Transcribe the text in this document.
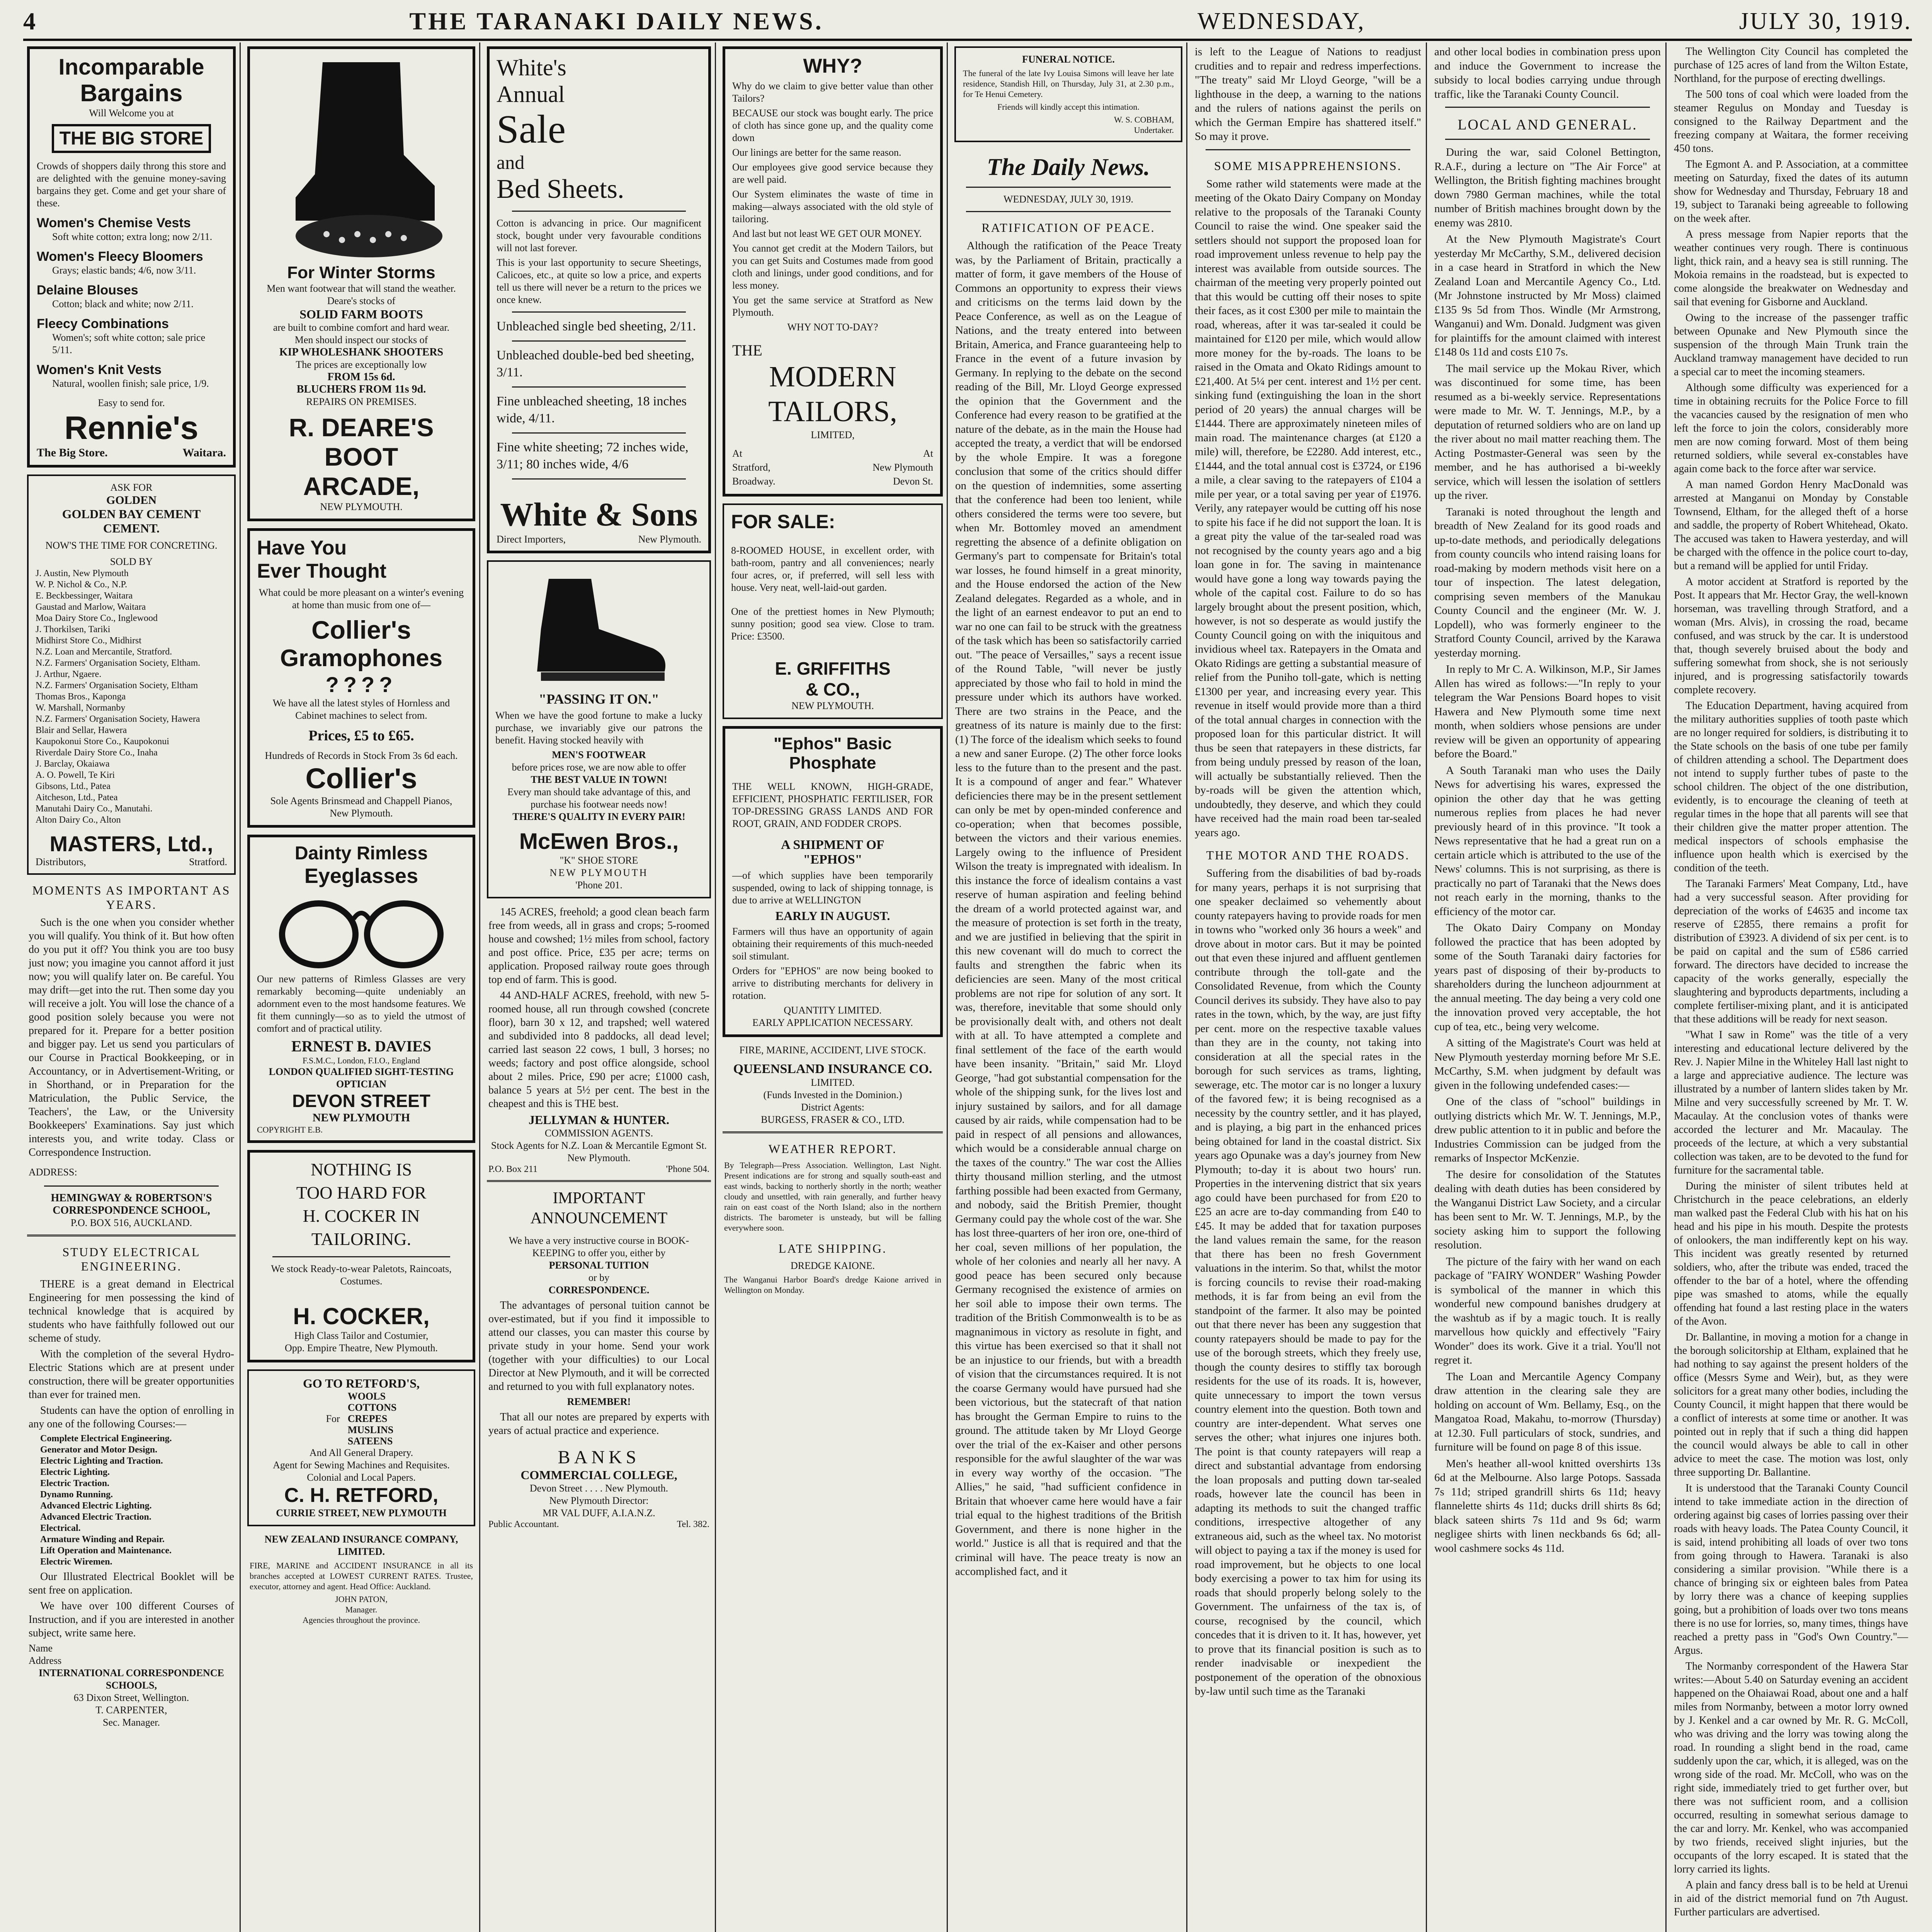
4	THE TARANAKI DAILY NEWS.	WEDNESDAY,	JULY 30, 1919.
Incomparable
Bargains
Will Welcome you at
THE BIG STORE

Crowds of shoppers daily throng this store and are delighted with the genuine money-saving bargains they get. Come and get your share of these.

Women's Chemise Vests
Soft white cotton; extra long; now 2/11.
Women's Fleecy Bloomers
Grays; elastic bands; 4/6, now 3/11.
Delaine Blouses
Cotton; black and white; now 2/11.
Fleecy Combinations
Women's; soft white cotton; sale price 5/11.
Women's Knit Vests
Natural, woollen finish; sale price, 1/9.
Easy to send for.
Rennie's
The Big Store.	Waitara.
ASK FOR
GOLDEN
GOLDEN BAY CEMENT
CEMENT.
NOW'S THE TIME FOR CONCRETING.
SOLD BY
J. Austin, New Plymouth
W. P. Nichol & Co., N.P.
E. Beckbessinger, Waitara
Gaustad and Marlow, Waitara
Moa Dairy Store Co., Inglewood
J. Thorkilsen, Tariki
Midhirst Store Co., Midhirst
N.Z. Loan and Mercantile, Stratford.
N.Z. Farmers' Organisation Society, Eltham.
J. Arthur, Ngaere.
N.Z. Farmers' Organisation Society, Eltham
Thomas Bros., Kaponga
W. Marshall, Normanby
N.Z. Farmers' Organisation Society, Hawera
Blair and Sellar, Hawera
Kaupokonui Store Co., Kaupokonui
Riverdale Dairy Store Co., Inaha
J. Barclay, Okaiawa
A. O. Powell, Te Kiri
Gibsons, Ltd., Patea
Aitcheson, Ltd., Patea
Manutahi Dairy Co., Manutahi.
Alton Dairy Co., Alton
MASTERS, Ltd.,
Distributors,	Stratford.
MOMENTS AS IMPORTANT AS YEARS.

Such is the one when you consider whether you will qualify. You think of it. But how often do you put it off? You think you are too busy just now; you imagine you cannot afford it just now; you will qualify later on. Be careful. You may drift—get into the rut. Then some day you will receive a jolt. You will lose the chance of a good position solely because you were not prepared for it. Prepare for a better position and bigger pay. Let us send you particulars of our Course in Practical Bookkeeping, or in Accountancy, or in Advertisement-Writing, or in Shorthand, or in Preparation for the Matriculation, the Public Service, the Teachers', the Law, or the University Bookkeepers' Examinations. Say just which interests you, and write today. Class or Correspondence Instruction.

ADDRESS:
HEMINGWAY & ROBERTSON'S
CORRESPONDENCE SCHOOL,
P.O. BOX 516, AUCKLAND.
STUDY ELECTRICAL ENGINEERING.

THERE is a great demand in Electrical Engineering for men possessing the kind of technical knowledge that is acquired by students who have faithfully followed out our scheme of study.

With the completion of the several Hydro-Electric Stations which are at present under construction, there will be greater opportunities than ever for trained men.

Students can have the option of enrolling in any one of the following Courses:—

Complete Electrical Engineering.
Generator and Motor Design.
Electric Lighting and Traction.
Electric Lighting.
Electric Traction.
Dynamo Running.
Advanced Electric Lighting.
Advanced Electric Traction.
Electrical.
Armature Winding and Repair.
Lift Operation and Maintenance.
Electric Wiremen.

Our Illustrated Electrical Booklet will be sent free on application.

We have over 100 different Courses of Instruction, and if you are interested in another subject, write same here.

Name
Address
INTERNATIONAL CORRESPONDENCE SCHOOLS,
63 Dixon Street, Wellington.
T. CARPENTER,
Sec. Manager.
For Winter Storms
Men want footwear that will stand the weather.
Deare's stocks of
SOLID FARM BOOTS
are built to combine comfort and hard wear.
Men should inspect our stocks of
KIP WHOLESHANK SHOOTERS
The prices are exceptionally low
FROM 15s 6d.
BLUCHERS FROM 11s 9d.
REPAIRS ON PREMISES.
R. DEARE'S
BOOT
ARCADE,
NEW PLYMOUTH.
Have You
Ever Thought
What could be more pleasant on a winter's evening at home than music from one of—
Collier's
Gramophones
????
We have all the latest styles of Hornless and Cabinet machines to select from.
Prices, £5 to £65.
Hundreds of Records in Stock From 3s 6d each.
Collier's
Sole Agents Brinsmead and Chappell Pianos,
New Plymouth.
Dainty Rimless
Eyeglasses

Our new patterns of Rimless Glasses are very remarkably becoming—quite undeniably an adornment even to the most handsome features. We fit them cunningly—so as to yield the utmost of comfort and of practical utility.

ERNEST B. DAVIES
F.S.M.C., London, F.I.O., England
LONDON QUALIFIED SIGHT-TESTING OPTICIAN
DEVON STREET
NEW PLYMOUTH
COPYRIGHT E.B.
NOTHING IS
TOO HARD FOR
H. COCKER IN
TAILORING.
We stock Ready-to-wear Paletots, Raincoats, Costumes.
H. COCKER,
High Class Tailor and Costumier,
Opp. Empire Theatre, New Plymouth.
GO TO RETFORD'S,
For
WOOLS
COTTONS
CREPES
MUSLINS
SATEENS
And All General Drapery.
Agent for Sewing Machines and Requisites.
Colonial and Local Papers.
C. H. RETFORD,
CURRIE STREET, NEW PLYMOUTH
NEW ZEALAND INSURANCE COMPANY, LIMITED.

FIRE, MARINE and ACCIDENT INSURANCE in all its branches accepted at LOWEST CURRENT RATES. Trustee, executor, attorney and agent. Head Office: Auckland.

JOHN PATON,
Manager.
Agencies throughout the province.
White's
Annual
Sale
and
Bed Sheets.

Cotton is advancing in price. Our magnificent stock, bought under very favourable conditions will not last forever.

This is your last opportunity to secure Sheetings, Calicoes, etc., at quite so low a price, and experts tell us there will never be a return to the prices we once knew.

Unbleached single bed sheeting, 2/11.

Unbleached double-bed bed sheeting, 3/11.

Fine unbleached sheeting, 18 inches wide, 4/11.

Fine white sheeting; 72 inches wide, 3/11; 80 inches wide, 4/6

White & Sons
Direct Importers,	New Plymouth.
"PASSING IT ON."

When we have the good fortune to make a lucky purchase, we invariably give our patrons the benefit. Having stocked heavily with

MEN'S FOOTWEAR
before prices rose, we are now able to offer
THE BEST VALUE IN TOWN!
Every man should take advantage of this, and purchase his footwear needs now!
THERE'S QUALITY IN EVERY PAIR!
McEwen Bros.,
"K" SHOE STORE
NEW PLYMOUTH
'Phone 201.

145 ACRES, freehold; a good clean beach farm free from weeds, all in grass and crops; 5-roomed house and cowshed; 1½ miles from school, factory and post office. Price, £35 per acre; terms on application. Proposed railway route goes through top end of farm. This is good.

44 AND-HALF ACRES, freehold, with new 5-roomed house, all run through cowshed (concrete floor), barn 30 x 12, and trapshed; well watered and subdivided into 8 paddocks, all dead level; carried last season 22 cows, 1 bull, 3 horses; no weeds; factory and post office alongside, school about 2 miles. Price, £90 per acre; £1000 cash, balance 5 years at 5½ per cent. The best in the cheapest and this is THE best.

JELLYMAN & HUNTER.
COMMISSION AGENTS.
Stock Agents for N.Z. Loan & Mercantile Egmont St. New Plymouth.
P.O. Box 211	'Phone 504.
IMPORTANT ANNOUNCEMENT
We have a very instructive course in BOOK-KEEPING to offer you, either by
PERSONAL TUITION
or by
CORRESPONDENCE.

The advantages of personal tuition cannot be over-estimated, but if you find it impossible to attend our classes, you can master this course by private study in your home. Send your work (together with your difficulties) to our Local Director at New Plymouth, and it will be corrected and returned to you with full explanatory notes.

REMEMBER!

That all our notes are prepared by experts with years of actual practice and experience.

BANKS
COMMERCIAL COLLEGE,
Devon Street . . . . New Plymouth.
New Plymouth Director:
MR VAL DUFF, A.I.A.N.Z.
Public Accountant.	Tel. 382.
WHY?

Why do we claim to give better value than other Tailors?

BECAUSE our stock was bought early. The price of cloth has since gone up, and the quality come down

Our linings are better for the same reason.

Our employees give good service because they are well paid.

Our System eliminates the waste of time in making—always associated with the old style of tailoring.

And last but not least WE GET OUR MONEY.

You cannot get credit at the Modern Tailors, but you can get Suits and Costumes made from good cloth and linings, under good conditions, and for less money.

You get the same service at Stratford as New Plymouth.

WHY NOT TO-DAY?
THE
MODERN
TAILORS,
LIMITED,
At
Stratford,
Broadway.
At
New Plymouth
Devon St.
FOR SALE:

8-ROOMED HOUSE, in excellent order, with bath-room, pantry and all conveniences; nearly four acres, or, if preferred, will sell less with house. Very neat, well-laid-out garden.

One of the prettiest homes in New Plymouth; sunny position; good sea view. Close to tram. Price: £3500.

E. GRIFFITHS
& CO.,
NEW PLYMOUTH.
"Ephos" Basic Phosphate

THE WELL KNOWN, HIGH-GRADE, EFFICIENT, PHOSPHATIC FERTILISER, FOR TOP-DRESSING GRASS LANDS AND FOR ROOT, GRAIN, AND FODDER CROPS.

A SHIPMENT OF
"EPHOS"

—of which supplies have been temporarily suspended, owing to lack of shipping tonnage, is due to arrive at WELLINGTON

EARLY IN AUGUST.

Farmers will thus have an opportunity of again obtaining their requirements of this much-needed soil stimulant.

Orders for "EPHOS" are now being booked to arrive to distributing merchants for delivery in rotation.

QUANTITY LIMITED.
EARLY APPLICATION NECESSARY.
FIRE, MARINE, ACCIDENT, LIVE STOCK.
QUEENSLAND INSURANCE CO.
LIMITED.
(Funds Invested in the Dominion.)
District Agents:
BURGESS, FRASER & CO., LTD.
WEATHER REPORT.

By Telegraph—Press Association. Wellington, Last Night. Present indications are for strong and squally south-east and east winds, backing to northerly shortly in the north; weather cloudy and unsettled, with rain generally, and further heavy rain on east coast of the North Island; also in the northern districts. The barometer is unsteady, but will be falling everywhere soon.

LATE SHIPPING.
DREDGE KAIONE.

The Wanganui Harbor Board's dredge Kaione arrived in Wellington on Monday.

FUNERAL NOTICE.

The funeral of the late Ivy Louisa Simons will leave her late residence, Standish Hill, on Thursday, July 31, at 2.30 p.m., for Te Henui Cemetery.

Friends will kindly accept this intimation.

W. S. COBHAM,
Undertaker.
The Daily News.
WEDNESDAY, JULY 30, 1919.
RATIFICATION OF PEACE.

Although the ratification of the Peace Treaty was, by the Parliament of Britain, practically a matter of form, it gave members of the House of Commons an opportunity to express their views and criticisms on the terms laid down by the Peace Conference, as well as on the League of Nations, and the treaty entered into between Britain, America, and France guaranteeing help to France in the event of a future invasion by Germany. In replying to the debate on the second reading of the Bill, Mr. Lloyd George expressed the opinion that the Government and the Conference had every reason to be gratified at the nature of the debate, as in the main the House had accepted the treaty, a verdict that will be endorsed by the whole Empire. It was a foregone conclusion that some of the critics should differ on the question of indemnities, some asserting that the conference had been too lenient, while others considered the terms were too severe, but when Mr. Bottomley moved an amendment regretting the absence of a definite obligation on Germany's part to compensate for Britain's total war losses, he found himself in a great minority, and the House endorsed the action of the New Zealand delegates. Regarded as a whole, and in the light of an earnest endeavor to put an end to war no one can fail to be struck with the greatness of the task which has been so satisfactorily carried out. "The peace of Versailles," says a recent issue of the Round Table, "will never be justly appreciated by those who fail to hold in mind the pressure under which its authors have worked. There are two strains in the Peace, and the greatness of its nature is mainly due to the first: (1) The force of the idealism which seeks to found a new and saner Europe. (2) The other force looks less to the future than to the present and the past. It is a compound of anger and fear." Whatever deficiencies there may be in the present settlement can only be met by open-minded conference and co-operation; when that becomes possible, between the victors and their various enemies. Largely owing to the influence of President Wilson the treaty is impregnated with idealism. In this instance the force of idealism contains a vast reserve of human aspiration and feeling behind the dream of a world protected against war, and the measure of protection is set forth in the treaty, and we are justified in believing that the spirit in this new covenant will do much to correct the faults and strengthen the fabric when its deficiencies are seen. Many of the most critical problems are not ripe for solution of any sort. It was, therefore, inevitable that some should only be provisionally dealt with, and others not dealt with at all. To have attempted a complete and final settlement of the face of the earth would have been insanity. "Britain," said Mr. Lloyd George, "had got substantial compensation for the whole of the shipping sunk, for the lives lost and injury sustained by sailors, and for all damage caused by air raids, while compensation had to be paid in respect of all pensions and allowances, which would be a considerable annual charge on the taxes of the country." The war cost the Allies thirty thousand million sterling, and the utmost farthing possible had been exacted from Germany, and nobody, said the British Premier, thought Germany could pay the whole cost of the war. She has lost three-quarters of her iron ore, one-third of her coal, seven millions of her population, the whole of her colonies and nearly all her navy. A good peace has been secured only because Germany recognised the existence of armies on her soil able to impose their own terms. The tradition of the British Commonwealth is to be as magnanimous in victory as resolute in fight, and this virtue has been exercised so that it shall not be an injustice to our friends, but with a breadth of vision that the circumstances required. It is not the coarse Germany would have pursued had she been victorious, but the statecraft of that nation has brought the German Empire to ruins to the ground. The attitude taken by Mr Lloyd George over the trial of the ex-Kaiser and other persons responsible for the awful slaughter of the war was in every way worthy of the occasion. "The Allies," he said, "had sufficient confidence in Britain that whoever came here would have a fair trial equal to the highest traditions of the British Government, and there is none higher in the world." Justice is all that is required and that the criminal will have. The peace treaty is now an accomplished fact, and it

is left to the League of Nations to readjust crudities and to repair and redress imperfections. "The treaty" said Mr Lloyd George, "will be a lighthouse in the deep, a warning to the nations and the rulers of nations against the perils on which the German Empire has shattered itself." So may it prove.

SOME MISAPPREHENSIONS.

Some rather wild statements were made at the meeting of the Okato Dairy Company on Monday relative to the proposals of the Taranaki County Council to raise the wind. One speaker said the settlers should not support the proposed loan for road improvement unless revenue to help pay the interest was available from outside sources. The chairman of the meeting very properly pointed out that this would be cutting off their noses to spite their faces, as it cost £300 per mile to maintain the road, whereas, after it was tar-sealed it could be maintained for £120 per mile, which would allow more money for the by-roads. The loans to be raised in the Omata and Okato Ridings amount to £21,400. At 5¼ per cent. interest and 1½ per cent. sinking fund (extinguishing the loan in the short period of 20 years) the annual charges will be £1444. There are approximately nineteen miles of main road. The maintenance charges (at £120 a mile) will, therefore, be £2280. Add interest, etc., £1444, and the total annual cost is £3724, or £196 a mile, a clear saving to the ratepayers of £104 a mile per year, or a total saving per year of £1976. Verily, any ratepayer would be cutting off his nose to spite his face if he did not support the loan. It is a great pity the value of the tar-sealed road was not recognised by the county years ago and a big loan gone in for. The saving in maintenance would have gone a long way towards paying the whole of the capital cost. Failure to do so has largely brought about the present position, which, however, is not so desperate as would justify the County Council going on with the iniquitous and invidious wheel tax. Ratepayers in the Omata and Okato Ridings are getting a substantial measure of relief from the Puniho toll-gate, which is netting £1300 per year, and increasing every year. This revenue in itself would provide more than a third of the total annual charges in connection with the proposed loan for this particular district. It will thus be seen that ratepayers in these districts, far from being unduly pressed by reason of the loan, will actually be substantially relieved. Then the by-roads will be given the attention which, undoubtedly, they deserve, and which they could have received had the main road been tar-sealed years ago.

THE MOTOR AND THE ROADS.

Suffering from the disabilities of bad by-roads for many years, perhaps it is not surprising that one speaker declaimed so vehemently about county ratepayers having to provide roads for men in towns who "worked only 36 hours a week" and drove about in motor cars. But it may be pointed out that even these injured and affluent gentlemen contribute through the toll-gate and the Consolidated Revenue, from which the County Council derives its subsidy. They have also to pay rates in the town, which, by the way, are just fifty per cent. more on the respective taxable values than they are in the county, not taking into consideration at all the special rates in the borough for such services as trams, lighting, sewerage, etc. The motor car is no longer a luxury of the favored few; it is being recognised as a necessity by the country settler, and it has played, and is playing, a big part in the enhanced prices being obtained for land in the coastal district. Six years ago Opunake was a day's journey from New Plymouth; to-day it is about two hours' run. Properties in the intervening district that six years ago could have been purchased for from £20 to £25 an acre are to-day commanding from £40 to £45. It may be added that for taxation purposes the land values remain the same, for the reason that there has been no fresh Government valuations in the interim. So that, whilst the motor is forcing councils to revise their road-making methods, it is far from being an evil from the standpoint of the farmer. It also may be pointed out that there never has been any suggestion that county ratepayers should be made to pay for the use of the borough streets, which they freely use, though the county desires to stiffly tax borough residents for the use of its roads. It is, however, quite unnecessary to import the town versus country element into the question. Both town and country are inter-dependent. What serves one serves the other; what injures one injures both. The point is that county ratepayers will reap a direct and substantial advantage from endorsing the loan proposals and putting down tar-sealed roads, however late the council has been in adapting its methods to suit the changed traffic conditions, irrespective altogether of any extraneous aid, such as the wheel tax. No motorist will object to paying a tax if the money is used for road improvement, but he objects to one local body exercising a power to tax him for using its roads that should properly belong solely to the Government. The unfairness of the tax is, of course, recognised by the council, which concedes that it is driven to it. It has, however, yet to prove that its financial position is such as to render inadvisable or inexpedient the postponement of the operation of the obnoxious by-law until such time as the Taranaki

and other local bodies in combination press upon and induce the Government to increase the subsidy to local bodies carrying undue through traffic, like the Taranaki County Council.

LOCAL AND GENERAL.

During the war, said Colonel Bettington, R.A.F., during a lecture on "The Air Force" at Wellington, the British fighting machines brought down 7980 German machines, while the total number of British machines brought down by the enemy was 2810.

At the New Plymouth Magistrate's Court yesterday Mr McCarthy, S.M., delivered decision in a case heard in Stratford in which the New Zealand Loan and Mercantile Agency Co., Ltd. (Mr Johnstone instructed by Mr Moss) claimed £135 9s 5d from Thos. Windle (Mr Armstrong, Wanganui) and Wm. Donald. Judgment was given for plaintiffs for the amount claimed with interest £148 0s 11d and costs £10 7s.

The mail service up the Mokau River, which was discontinued for some time, has been resumed as a bi-weekly service. Representations were made to Mr. W. T. Jennings, M.P., by a deputation of returned soldiers who are on land up the river about no mail matter reaching them. The Acting Postmaster-General was seen by the member, and he has authorised a bi-weekly service, which will lessen the isolation of settlers up the river.

Taranaki is noted throughout the length and breadth of New Zealand for its good roads and up-to-date methods, and periodically delegations from county councils who intend raising loans for road-making by modern methods visit here on a tour of inspection. The latest delegation, comprising seven members of the Manukau County Council and the engineer (Mr. W. J. Lopdell), who was formerly engineer to the Stratford County Council, arrived by the Karawa yesterday morning.

In reply to Mr C. A. Wilkinson, M.P., Sir James Allen has wired as follows:—"In reply to your telegram the War Pensions Board hopes to visit Hawera and New Plymouth some time next month, when soldiers whose pensions are under review will be given an opportunity of appearing before the Board."

A South Taranaki man who uses the Daily News for advertising his wares, expressed the opinion the other day that he was getting numerous replies from places he had never previously heard of in this province. "It took a News representative that he had a great run on a certain article which is attributed to the use of the News' columns. This is not surprising, as there is practically no part of Taranaki that the News does not reach early in the morning, thanks to the efficiency of the motor car.

The Okato Dairy Company on Monday followed the practice that has been adopted by some of the South Taranaki dairy factories for years past of disposing of their by-products to shareholders during the luncheon adjournment at the annual meeting. The day being a very cold one the innovation proved very acceptable, the hot cup of tea, etc., being very welcome.

A sitting of the Magistrate's Court was held at New Plymouth yesterday morning before Mr S.E. McCarthy, S.M. when judgment by default was given in the following undefended cases:—

One of the class of "school" buildings in outlying districts which Mr. W. T. Jennings, M.P., drew public attention to it in public and before the Industries Commission can be judged from the remarks of Inspector McKenzie.

The desire for consolidation of the Statutes dealing with death duties has been considered by the Wanganui District Law Society, and a circular has been sent to Mr. W. T. Jennings, M.P., by the society asking him to support the following resolution.

The picture of the fairy with her wand on each package of "FAIRY WONDER" Washing Powder is symbolical of the manner in which this wonderful new compound banishes drudgery at the washtub as if by a magic touch. It is really marvellous how quickly and effectively "Fairy Wonder" does its work. Give it a trial. You'll not regret it.

The Loan and Mercantile Agency Company draw attention in the clearing sale they are holding on account of Wm. Bellamy, Esq., on the Mangatoa Road, Makahu, to-morrow (Thursday) at 12.30. Full particulars of stock, sundries, and furniture will be found on page 8 of this issue.

Men's heather all-wool knitted overshirts 13s 6d at the Melbourne. Also large Potops. Sassada 7s 11d; striped grandrill shirts 6s 11d; heavy flannelette shirts 4s 11d; ducks drill shirts 8s 6d; black sateen shirts 7s 11d and 9s 6d; warm negligee shirts with linen neckbands 6s 6d; all-wool cashmere socks 4s 11d.

The Wellington City Council has completed the purchase of 125 acres of land from the Wilton Estate, Northland, for the purpose of erecting dwellings.

The 500 tons of coal which were loaded from the steamer Regulus on Monday and Tuesday is consigned to the Railway Department and the freezing company at Waitara, the former receiving 450 tons.

The Egmont A. and P. Association, at a committee meeting on Saturday, fixed the dates of its autumn show for Wednesday and Thursday, February 18 and 19, subject to Taranaki being agreeable to following on the week after.

A press message from Napier reports that the weather continues very rough. There is continuous light, thick rain, and a heavy sea is still running. The Mokoia remains in the roadstead, but is expected to come alongside the breakwater on Wednesday and sail that evening for Gisborne and Auckland.

Owing to the increase of the passenger traffic between Opunake and New Plymouth since the suspension of the through Main Trunk train the Auckland tramway management have decided to run a special car to meet the incoming steamers.

Although some difficulty was experienced for a time in obtaining recruits for the Police Force to fill the vacancies caused by the resignation of men who left the force to join the colors, considerably more men are now coming forward. Most of them being returned soldiers, while several ex-constables have again come back to the force after war service.

A man named Gordon Henry MacDonald was arrested at Manganui on Monday by Constable Townsend, Eltham, for the alleged theft of a horse and saddle, the property of Robert Whitehead, Okato. The accused was taken to Hawera yesterday, and will be charged with the offence in the police court to-day, but a remand will be applied for until Friday.

A motor accident at Stratford is reported by the Post. It appears that Mr. Hector Gray, the well-known horseman, was travelling through Stratford, and a woman (Mrs. Alvis), in crossing the road, became confused, and was struck by the car. It is understood that, though severely bruised about the body and suffering somewhat from shock, she is not seriously injured, and is progressing satisfactorily towards complete recovery.

The Education Department, having acquired from the military authorities supplies of tooth paste which are no longer required for soldiers, is distributing it to the State schools on the basis of one tube per family of children attending a school. The Department does not intend to supply further tubes of paste to the school children. The object of the one distribution, evidently, is to encourage the cleaning of teeth at regular times in the hope that all parents will see that their children give the matter proper attention. The medical inspectors of schools emphasise the influence upon health which is exercised by the condition of the teeth.

The Taranaki Farmers' Meat Company, Ltd., have had a very successful season. After providing for depreciation of the works of £4635 and income tax reserve of £2855, there remains a profit for distribution of £3923. A dividend of six per cent. is to be paid on capital and the sum of £586 carried forward. The directors have decided to increase the capacity of the works generally, especially the slaughtering and byproducts departments, including a complete fertiliser-mixing plant, and it is anticipated that these additions will be ready for next season.

"What I saw in Rome" was the title of a very interesting and educational lecture delivered by the Rev. J. Napier Milne in the Whiteley Hall last night to a large and appreciative audience. The lecture was illustrated by a number of lantern slides taken by Mr. Milne and very successfully screened by Mr. T. W. Macaulay. At the conclusion votes of thanks were accorded the lecturer and Mr. Macaulay. The proceeds of the lecture, at which a very substantial collection was taken, are to be devoted to the fund for furniture for the sacramental table.

During the minister of silent tributes held at Christchurch in the peace celebrations, an elderly man walked past the Federal Club with his hat on his head and his pipe in his mouth. Despite the protests of onlookers, the man indifferently kept on his way. This incident was greatly resented by returned soldiers, who, after the tribute was ended, traced the offender to the bar of a hotel, where the offending pipe was smashed to atoms, while the equally offending hat found a last resting place in the waters of the Avon.

Dr. Ballantine, in moving a motion for a change in the borough solicitorship at Eltham, explained that he had nothing to say against the present holders of the office (Messrs Syme and Weir), but, as they were solicitors for a great many other bodies, including the County Council, it might happen that there would be a conflict of interests at some time or another. It was pointed out in reply that if such a thing did happen the council would always be able to call in other advice to meet the case. The motion was lost, only three supporting Dr. Ballantine.

It is understood that the Taranaki County Council intend to take immediate action in the direction of ordering against big cases of lorries passing over their roads with heavy loads. The Patea County Council, it is said, intend prohibiting all loads of over two tons from going through to Hawera. Taranaki is also considering a similar provision. "While there is a chance of bringing six or eighteen bales from Patea by lorry there was a chance of keeping supplies going, but a prohibition of loads over two tons means there is no use for lorries, so, many times, things have reached a pretty pass in "God's Own Country."—Argus.

The Normanby correspondent of the Hawera Star writes:—About 5.40 on Saturday evening an accident happened on the Ohaiawai Road, about one and a half miles from Normanby, between a motor lorry owned by J. Kenkel and a car owned by Mr. R. G. McColl, who was driving and the lorry was towing along the road. In rounding a slight bend in the road, came suddenly upon the car, which, it is alleged, was on the wrong side of the road. Mr. McColl, who was on the right side, immediately tried to get further over, but there was not sufficient room, and a collision occurred, resulting in somewhat serious damage to the car and lorry. Mr. Kenkel, who was accompanied by two friends, received slight injuries, but the occupants of the lorry escaped. It is stated that the lorry carried its lights.

A plain and fancy dress ball is to be held at Urenui in aid of the district memorial fund on 7th August. Further particulars are advertised.
